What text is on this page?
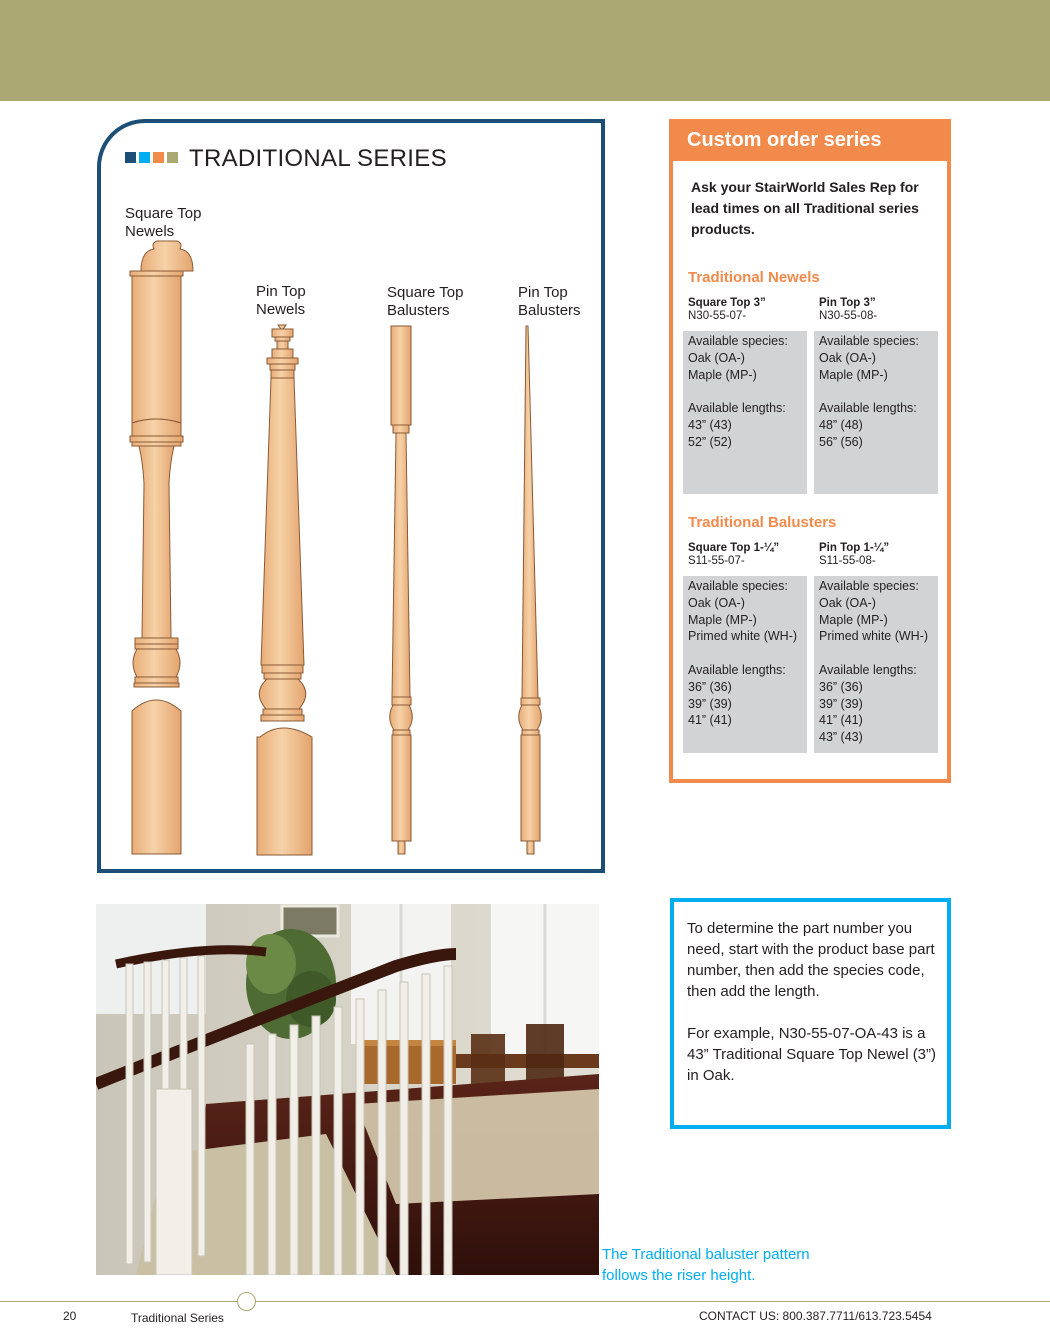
TRADITIONAL SERIES
Square Top
Newels
Pin Top
Newels
Square Top
Balusters
Pin Top
Balusters
Custom order series
Ask your StairWorld Sales Rep for lead times on all Traditional series products.
Traditional Newels
Square Top 3”
N30-55-07-
Pin Top 3”
N30-55-08-
Available species:
Oak (OA-)
Maple (MP-)
Available lengths:
43” (43)
52” (52)
Available species:
Oak (OA-)
Maple (MP-)
Available lengths:
48” (48)
56” (56)
Traditional Balusters
Square Top 1-¼”
S11-55-07-
Pin Top 1-¼”
S11-55-08-
Available species:
Oak (OA-)
Maple (MP-)
Primed white (WH-)
Available lengths:
36” (36)
39” (39)
41” (41)
Available species:
Oak (OA-)
Maple (MP-)
Primed white (WH-)
Available lengths:
36” (36)
39” (39)
41” (41)
43” (43)
The Traditional baluster pattern
follows the riser height.

To determine the part number you need, start with the product base part number, then add the species code, then add the length.

For example, N30-55-07-OA-43 is a 43” Traditional Square Top Newel (3”) in Oak.

20	Traditional Series	CONTACT US: 800.387.7711/613.723.5454
